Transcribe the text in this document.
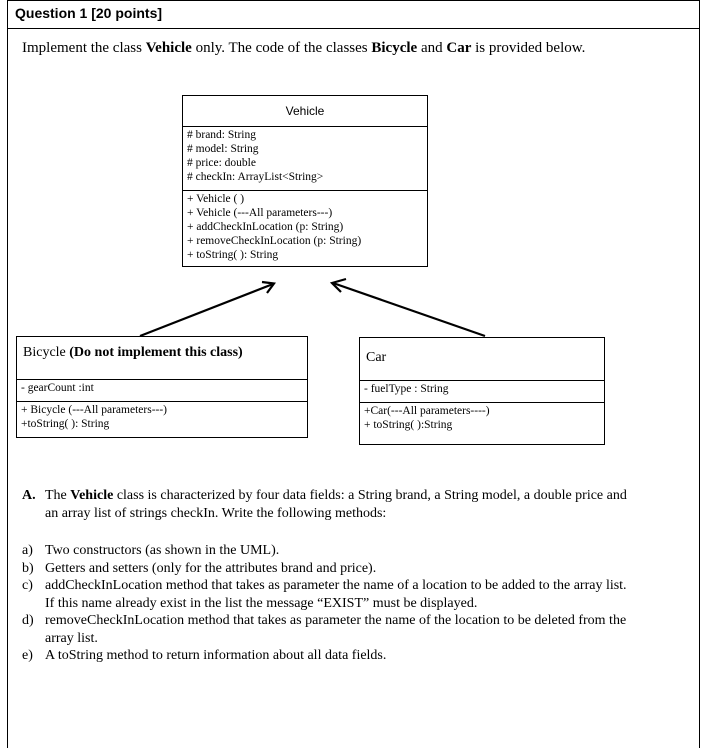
Question 1 [20 points]
Implement the class Vehicle only. The code of the classes Bicycle and Car is provided below.
Vehicle
# brand: String
# model: String
# price: double
# checkIn: ArrayList<String>
+ Vehicle ( )
+ Vehicle (---All parameters---)
+ addCheckInLocation (p: String)
+ removeCheckInLocation (p: String)
+ toString( ): String
Bicycle (Do not implement this class)
- gearCount :int
+ Bicycle (---All parameters---)
+toString( ): String
Car
- fuelType : String
+Car(---All parameters----)
+ toString( ):String
A. The Vehicle class is characterized by four data fields: a String brand, a String model, a double price and
an array list of strings checkIn. Write the following methods:
a) Two constructors (as shown in the UML).
b) Getters and setters (only for the attributes brand and price).
c) addCheckInLocation method that takes as parameter the name of a location to be added to the array list.
If this name already exist in the list the message “EXIST” must be displayed.
d) removeCheckInLocation method that takes as parameter the name of the location to be deleted from the
array list.
e) A toString method to return information about all data fields.
